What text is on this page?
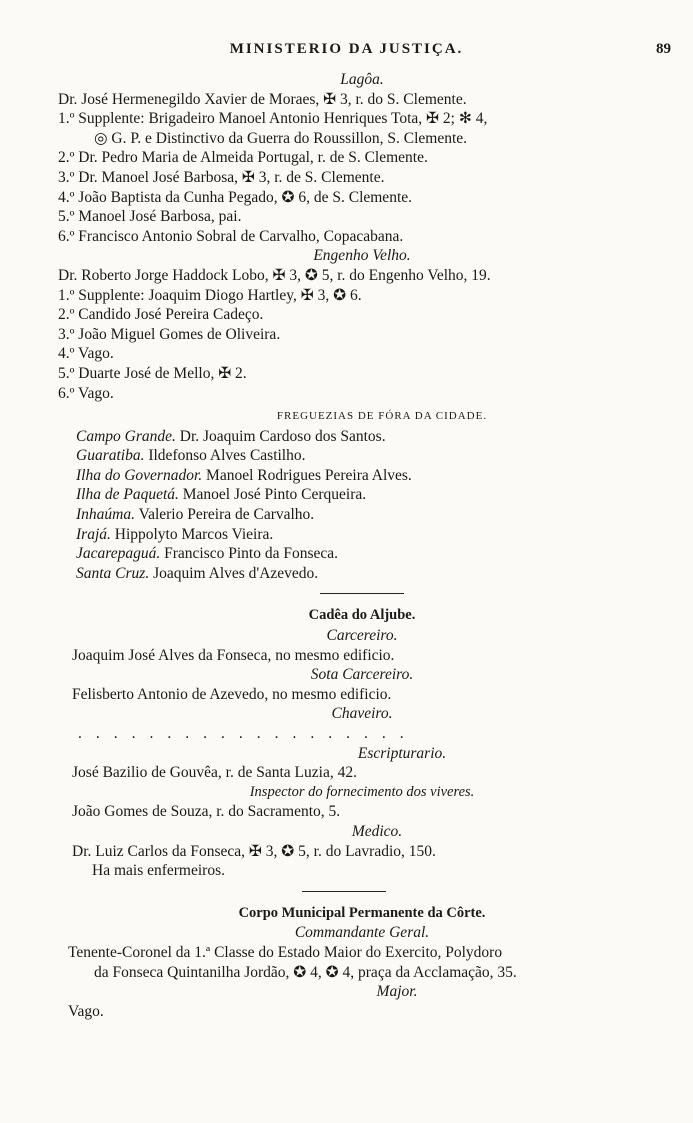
MINISTERIO DA JUSTIÇA.	89
Lagôa.
Dr. José Hermenegildo Xavier de Moraes, ✠ 3, r. do S. Clemente.
1.º Supplente: Brigadeiro Manoel Antonio Henriques Tota, ✠ 2; ✻ 4,
◎ G. P. e Distinctivo da Guerra do Roussillon, S. Clemente.
2.º Dr. Pedro Maria de Almeida Portugal, r. de S. Clemente.
3.º Dr. Manoel José Barbosa, ✠ 3, r. de S. Clemente.
4.º João Baptista da Cunha Pegado, ✪ 6, de S. Clemente.
5.º Manoel José Barbosa, pai.
6.º Francisco Antonio Sobral de Carvalho, Copacabana.
Engenho Velho.
Dr. Roberto Jorge Haddock Lobo, ✠ 3, ✪ 5, r. do Engenho Velho, 19.
1.º Supplente: Joaquim Diogo Hartley, ✠ 3, ✪ 6.
2.º Candido José Pereira Cadeço.
3.º João Miguel Gomes de Oliveira.
4.º Vago.
5.º Duarte José de Mello, ✠ 2.
6.º Vago.
FREGUEZIAS DE FÓRA DA CIDADE.
Campo Grande. Dr. Joaquim Cardoso dos Santos.
Guaratiba. Ildefonso Alves Castilho.
Ilha do Governador. Manoel Rodrigues Pereira Alves.
Ilha de Paquetá. Manoel José Pinto Cerqueira.
Inhaúma. Valerio Pereira de Carvalho.
Irajá. Hippolyto Marcos Vieira.
Jacarepaguá. Francisco Pinto da Fonseca.
Santa Cruz. Joaquim Alves d'Azevedo.
Cadêa do Aljube.
Carcereiro.
Joaquim José Alves da Fonseca, no mesmo edificio.
Sota Carcereiro.
Felisberto Antonio de Azevedo, no mesmo edificio.
Chaveiro.
...................
Escripturario.
José Bazilio de Gouvêa, r. de Santa Luzia, 42.
Inspector do fornecimento dos viveres.
João Gomes de Souza, r. do Sacramento, 5.
Medico.
Dr. Luiz Carlos da Fonseca, ✠ 3, ✪ 5, r. do Lavradio, 150.
Ha mais enfermeiros.
Corpo Municipal Permanente da Côrte.
Commandante Geral.
Tenente-Coronel da 1.ª Classe do Estado Maior do Exercito, Polydoro
da Fonseca Quintanilha Jordão, ✪ 4, ✪ 4, praça da Acclamação, 35.
Major.
Vago.
